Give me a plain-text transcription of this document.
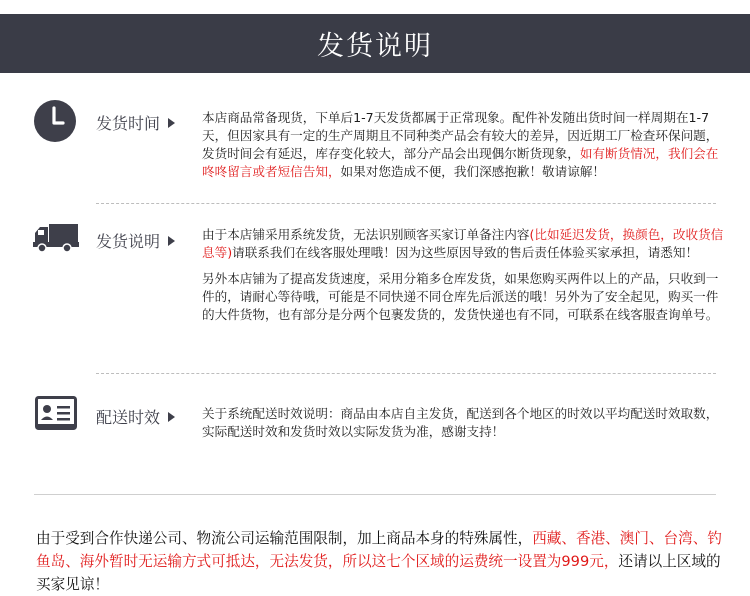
发货说明
发货时间	本店商品常备现货，下单后1-7天发货都属于正常现象。配件补发随出货时间一样周期在1-7天，但因家具有一定的生产周期且不同种类产品会有较大的差异，因近期工厂检查环保问题，发货时间会有延迟，库存变化较大，部分产品会出现偶尔断货现象，如有断货情况，我们会在咚咚留言或者短信告知，如果对您造成不便，我们深感抱歉！敬请谅解！

发货说明	由于本店铺采用系统发货，无法识别顾客买家订单备注内容(比如延迟发货，换颜色，改收货信息等)请联系我们在线客服处理哦！因为这些原因导致的售后责任体验买家承担，请悉知！

另外本店铺为了提高发货速度，采用分箱多仓库发货，如果您购买两件以上的产品，只收到一件的，请耐心等待哦，可能是不同快递不同仓库先后派送的哦！另外为了安全起见，购买一件的大件货物，也有部分是分两个包裹发货的，发货快递也有不同，可联系在线客服查询单号。

配送时效	关于系统配送时效说明：商品由本店自主发货，配送到各个地区的时效以平均配送时效取数，实际配送时效和发货时效以实际发货为准，感谢支持！

由于受到合作快递公司、物流公司运输范围限制，加上商品本身的特殊属性，西藏、香港、澳门、台湾、钓鱼岛、海外暂时无运输方式可抵达，无法发货，所以这七个区域的运费统一设置为999元，还请以上区域的买家见谅！
